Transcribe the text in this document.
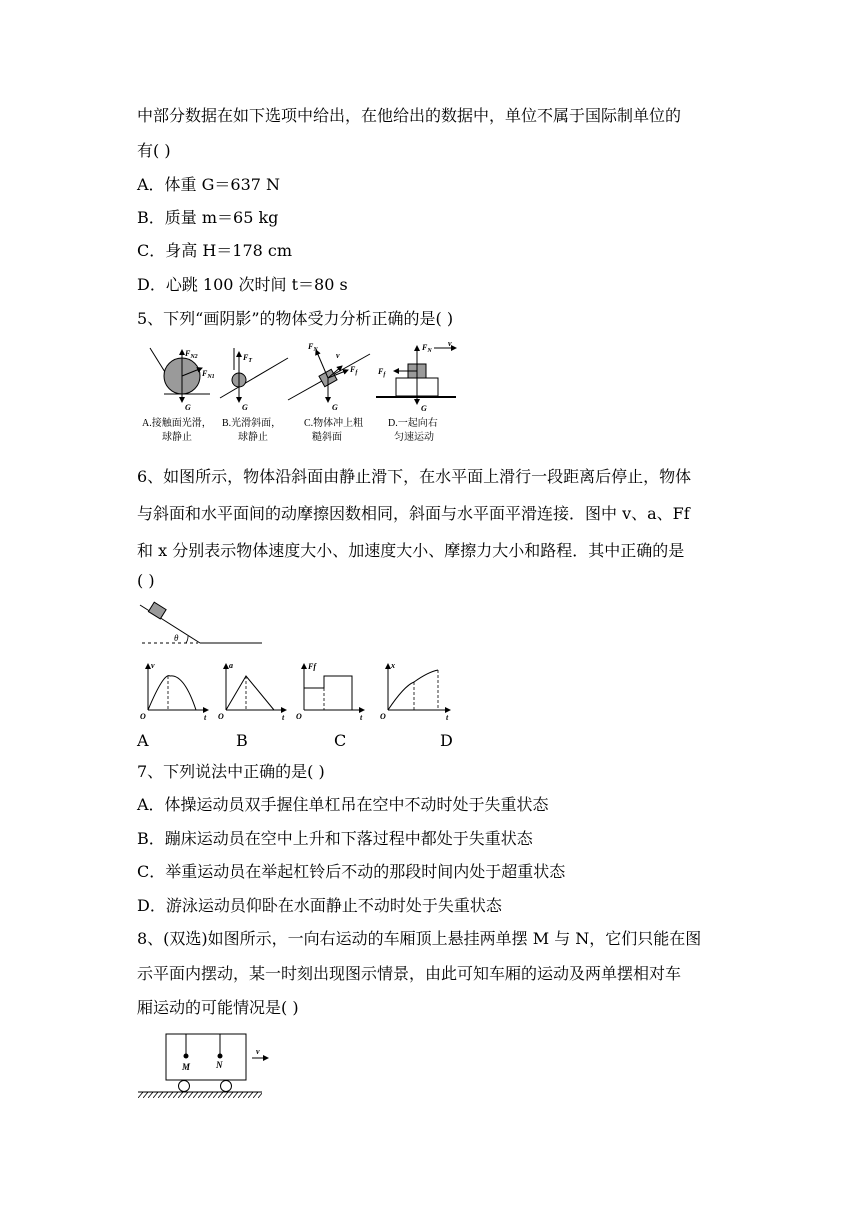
中部分数据在如下选项中给出，在他给出的数据中，单位不属于国际制单位的
有( )
A．体重 G＝637 N
B．质量 m＝65 kg
C．身高 H＝178 cm
D．心跳 100 次时间 t＝80 s
5、下列“画阴影”的物体受力分析正确的是( )
$F_{N2}$
$F_{N1}$
G
A.接触面光滑，
球静止
$F_T$
G
B.光滑斜面，
球静止
$F_N$
v
$F_f$
G
C.物体冲上粗
糙斜面
$F_N$
v
$F_f$
G
D.一起向右
匀速运动
6、如图所示，物体沿斜面由静止滑下，在水平面上滑行一段距离后停止，物体
与斜面和水平面间的动摩擦因数相同，斜面与水平面平滑连接．图中 v、a、Ff
和 x 分别表示物体速度大小、加速度大小、摩擦力大小和路程．其中正确的是
( )
θ
v
t
O
a
t
O
Ff
t
O
x
t
O
A	B	C	D
7、下列说法中正确的是( )
A．体操运动员双手握住单杠吊在空中不动时处于失重状态
B．蹦床运动员在空中上升和下落过程中都处于失重状态
C．举重运动员在举起杠铃后不动的那段时间内处于超重状态
D．游泳运动员仰卧在水面静止不动时处于失重状态
8、(双选)如图所示，一向右运动的车厢顶上悬挂两单摆 M 与 N，它们只能在图
示平面内摆动，某一时刻出现图示情景，由此可知车厢的运动及两单摆相对车
厢运动的可能情况是( )
M	N
v
